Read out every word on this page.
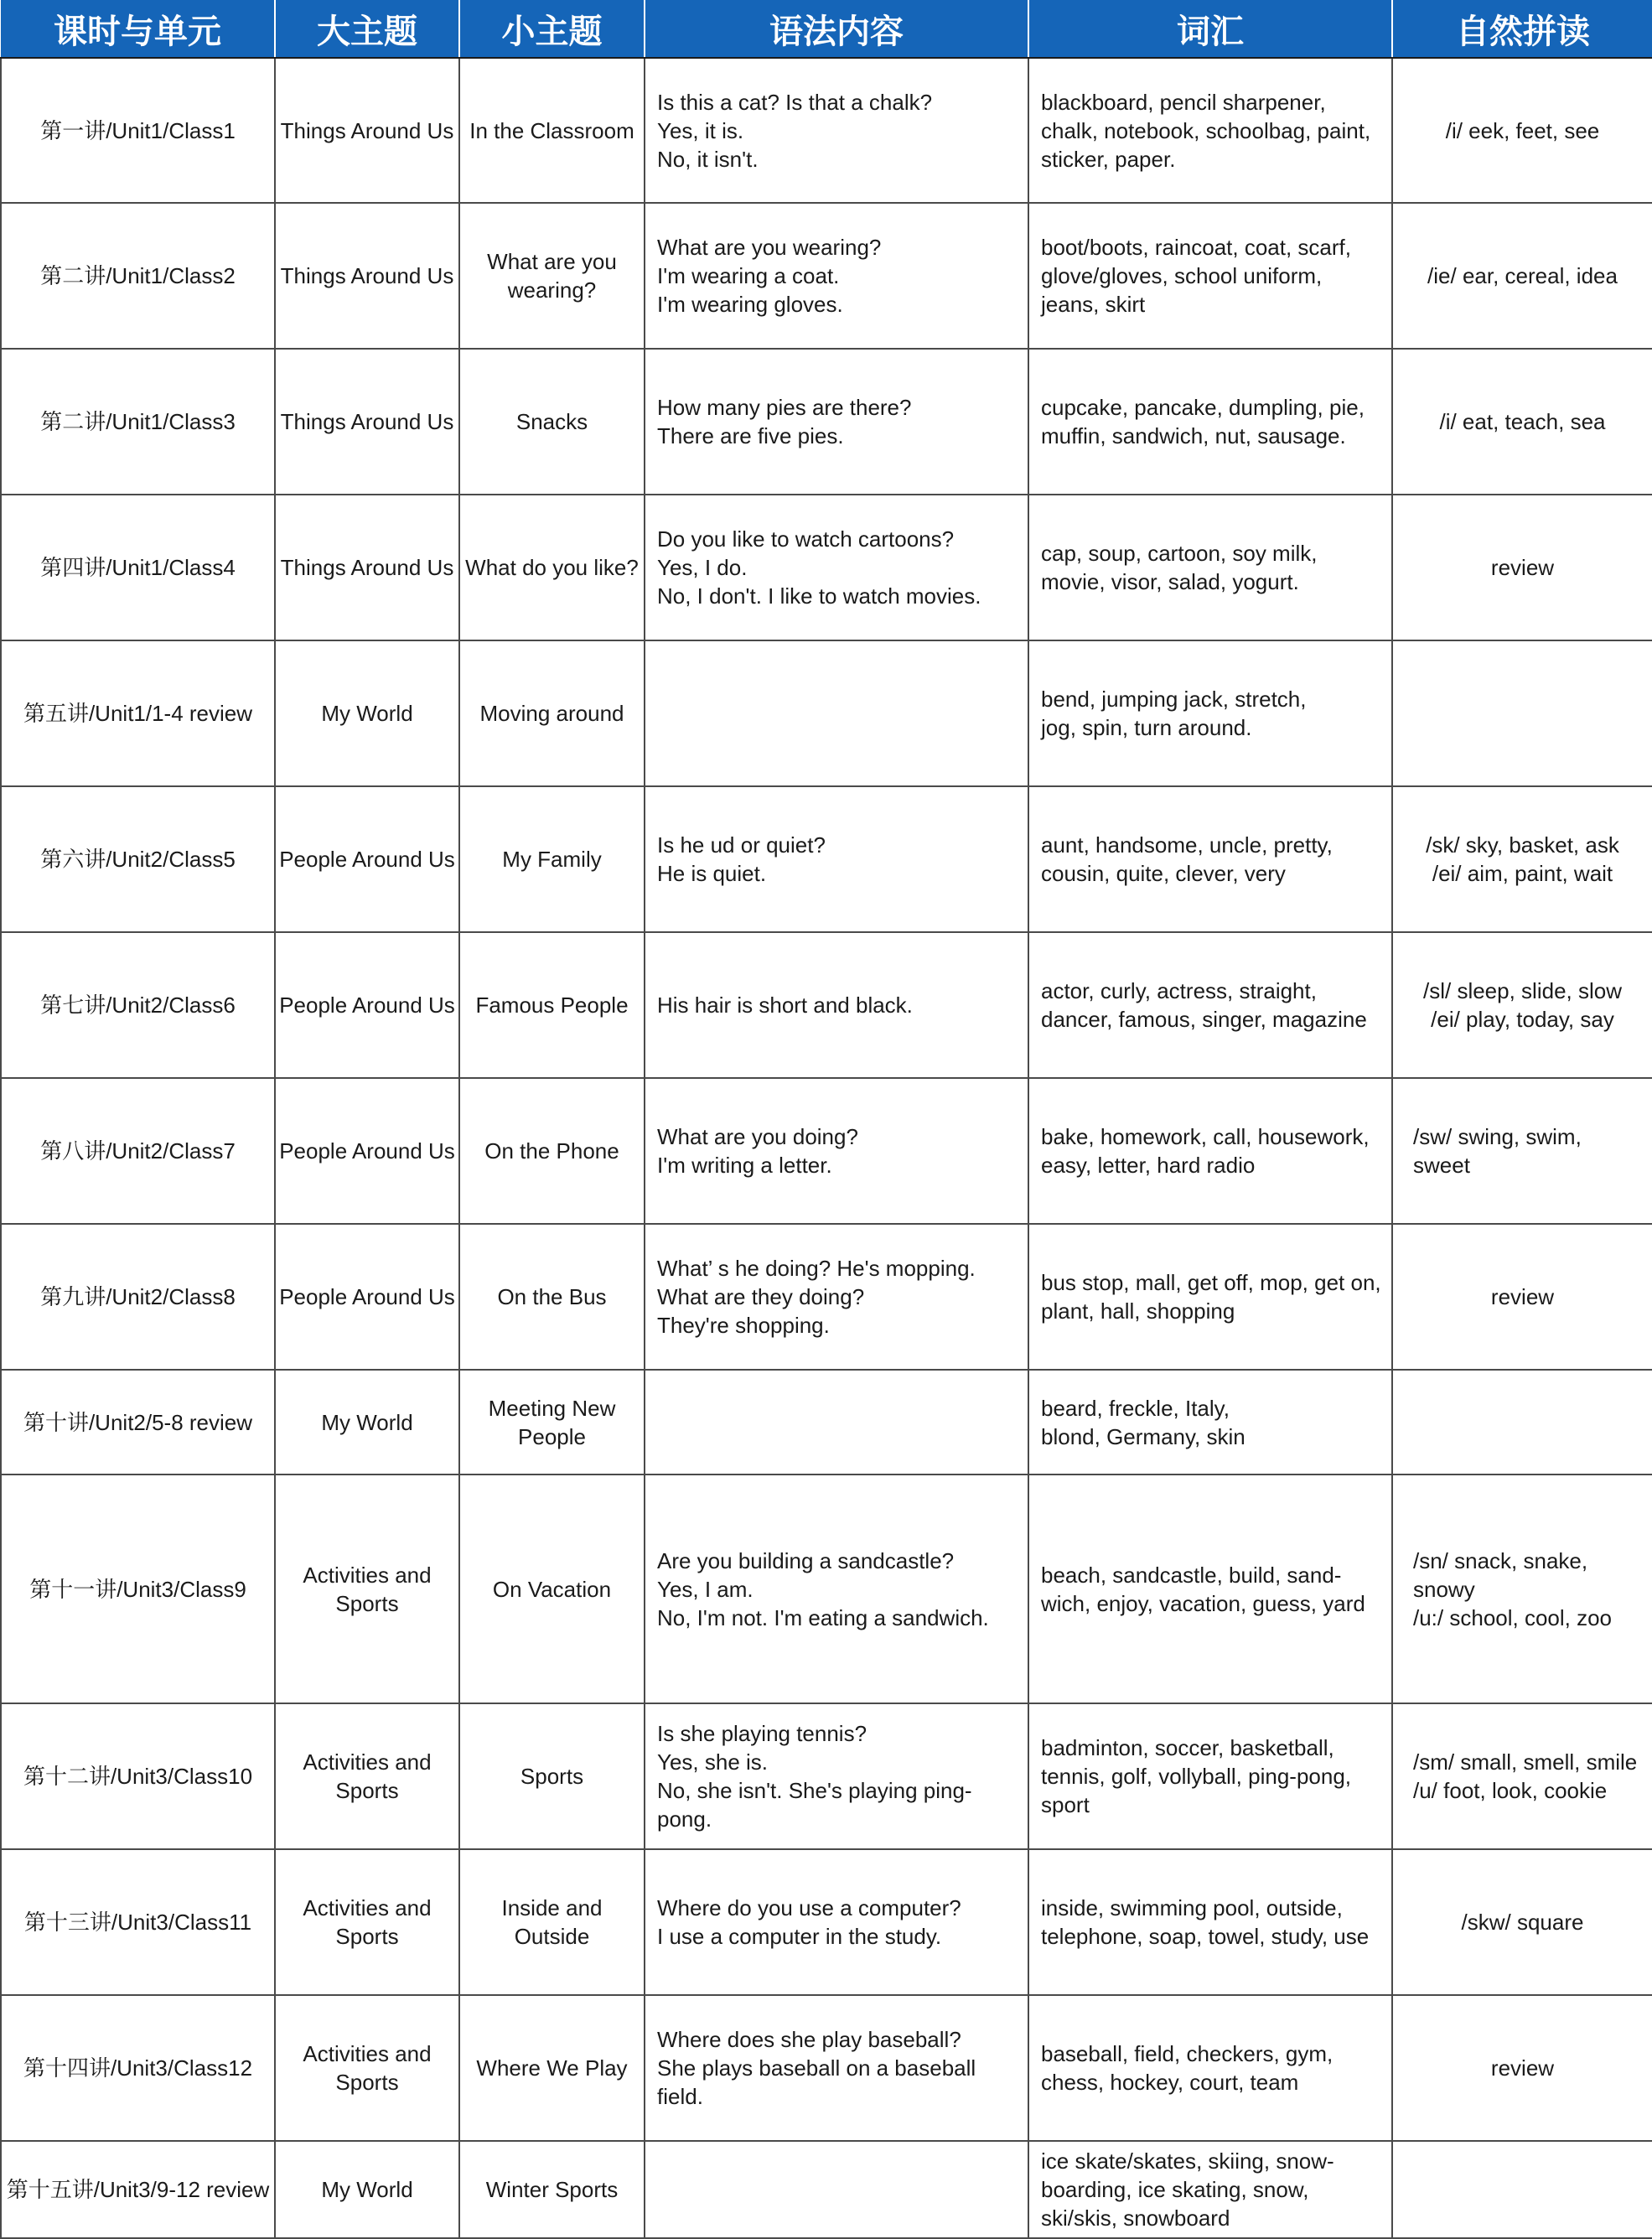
课时与单元	大主题	小主题	语法内容	词汇	自然拼读
第一讲/Unit1/Class1	Things Around Us	In the Classroom	Is this a cat? Is that a chalk?
Yes, it is.
No, it isn't.	blackboard, pencil sharpener,
chalk, notebook, schoolbag, paint,
sticker, paper.	/i/ eek, feet, see
第二讲/Unit1/Class2	Things Around Us	What are you wearing?	What are you wearing?
I'm wearing a coat.
I'm wearing gloves.	boot/boots, raincoat, coat, scarf,
glove/gloves, school uniform,
jeans, skirt	/ie/ ear, cereal, idea
第二讲/Unit1/Class3	Things Around Us	Snacks	How many pies are there?
There are five pies.	cupcake, pancake, dumpling, pie,
muffin, sandwich, nut, sausage.	/i/ eat, teach, sea
第四讲/Unit1/Class4	Things Around Us	What do you like?	Do you like to watch cartoons?
Yes, I do.
No, I don't. I like to watch movies.	cap, soup, cartoon, soy milk,
movie, visor, salad, yogurt.	review
第五讲/Unit1/1-4 review	My World	Moving around		bend, jumping jack, stretch,
jog, spin, turn around.	
第六讲/Unit2/Class5	People Around Us	My Family	Is he ud or quiet?
He is quiet.	aunt, handsome, uncle, pretty,
cousin, quite, clever, very	/sk/ sky, basket, ask
/ei/ aim, paint, wait
第七讲/Unit2/Class6	People Around Us	Famous People	His hair is short and black.	actor, curly, actress, straight,
dancer, famous, singer, magazine	/sl/ sleep, slide, slow
/ei/ play, today, say
第八讲/Unit2/Class7	People Around Us	On the Phone	What are you doing?
I'm writing a letter.	bake, homework, call, housework,
easy, letter, hard radio	/sw/ swing, swim,
sweet
第九讲/Unit2/Class8	People Around Us	On the Bus	What’ s he doing? He's mopping.
What are they doing?
They're shopping.	bus stop, mall, get off, mop, get on,
plant, hall, shopping	review
第十讲/Unit2/5-8 review	My World	Meeting New People		beard, freckle, Italy,
blond, Germany, skin	
第十一讲/Unit3/Class9	Activities and Sports	On Vacation	Are you building a sandcastle?
Yes, I am.
No, I'm not. I'm eating a sandwich.	beach, sandcastle, build, sand-
wich, enjoy, vacation, guess, yard	/sn/ snack, snake,
snowy
/u:/ school, cool, zoo
第十二讲/Unit3/Class10	Activities and Sports	Sports	Is she playing tennis?
Yes, she is.
No, she isn't. She's playing ping-pong.	badminton, soccer, basketball,
tennis, golf, vollyball, ping-pong,
sport	/sm/ small, smell, smile
/u/ foot, look, cookie
第十三讲/Unit3/Class11	Activities and Sports	Inside and Outside	Where do you use a computer?
I use a computer in the study.	inside, swimming pool, outside,
telephone, soap, towel, study, use	/skw/ square
第十四讲/Unit3/Class12	Activities and Sports	Where We Play	Where does she play baseball?
She plays baseball on a baseball
field.	baseball, field, checkers, gym,
chess, hockey, court, team	review
第十五讲/Unit3/9-12 review	My World	Winter Sports		ice skate/skates, skiing, snow-
boarding, ice skating, snow,
ski/skis, snowboard	
